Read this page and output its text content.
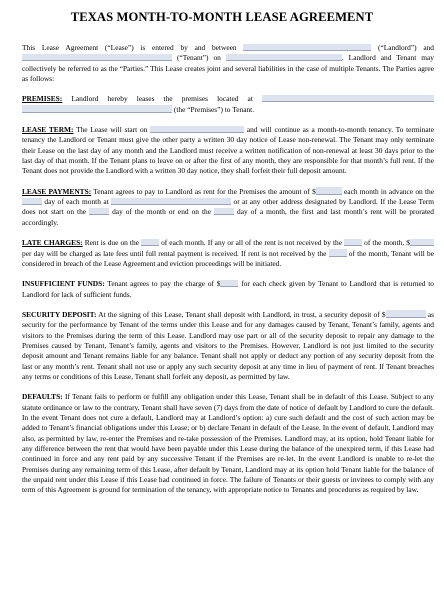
TEXAS MONTH-TO-MONTH LEASE AGREEMENT

This Lease Agreement (“Lease”) is entered by and between	(“Landlord”) and  (“Tenant”) on	. Landlord and Tenant may collectively be referred to as the “Parties.” This Lease creates joint and several liabilities in the case of multiple Tenants. The Parties agree as follows:

PREMISES: Landlord hereby leases the premises located at   (the “Premises”) to Tenant.

LEASE TERM: The Lease will start on	and will continue as a month-to-month tenancy. To terminate tenancy the Landlord or Tenant must give the other party a written 30 day notice of Lease non-renewal. The Tenant may only terminate their Lease on the last day of any month and the Landlord must receive a written notification of non-renewal at least 30 days prior to the last day of that month. If the Tenant plans to leave on or after the first of any month, they are responsible for that month’s full rent. If the Tenant does not provide the Landlord with a written 30 day notice, they shall forfeit their full deposit amount.

LEASE PAYMENTS: Tenant agrees to pay to Landlord as rent for the Premises the amount of $	each month in advance on the  day of each month at	or at any other address designated by Landlord. If the Lease Term does not start on the	day of the month or end on the	day of a month, the first and last month’s rent will be prorated accordingly.

LATE CHARGES: Rent is due on the	of each month. If any or all of the rent is not received by the	of the month, $ per day will be charged as late fees until full rental payment is received. If rent is not received by the	of the month, Tenant will be considered in breach of the Lease Agreement and eviction proceedings will be initiated.

INSUFFICIENT FUNDS: Tenant agrees to pay the charge of $	for each check given by Tenant to Landlord that is returned to Landlord for lack of sufficient funds.

SECURITY DEPOSIT: At the signing of this Lease, Tenant shall deposit with Landlord, in trust, a security deposit of $	as security for the performance by Tenant of the terms under this Lease and for any damages caused by Tenant, Tenant’s family, agents and visitors to the Premises during the term of this Lease. Landlord may use part or all of the security deposit to repair any damage to the Premises caused by Tenant, Tenant’s family, agents and visitors to the Premises. However, Landlord is not just limited to the security deposit amount and Tenant remains liable for any balance. Tenant shall not apply or deduct any portion of any security deposit from the last or any month’s rent. Tenant shall not use or apply any such security deposit at any time in lieu of payment of rent. If Tenant breaches any terms or conditions of this Lease, Tenant shall forfeit any deposit, as permitted by law.

DEFAULTS: If Tenant fails to perform or fulfill any obligation under this Lease, Tenant shall be in default of this Lease. Subject to any statute ordinance or law to the contrary, Tenant shall have seven (7) days from the date of notice of default by Landlord to cure the default. In the event Tenant does not cure a default, Landlord may at Landlord’s option: a) cure such default and the cost of such action may be added to Tenant’s financial obligations under this Lease; or b) declare Tenant in default of the Lease. In the event of default, Landlord may also, as permitted by law, re-enter the Premises and re-take possession of the Premises. Landlord may, at its option, hold Tenant liable for any difference between the rent that would have been payable under this Lease during the balance of the unexpired term, if this Lease had continued in force and any rent paid by any successive Tenant if the Premises are re-let. In the event Landlord is unable to re-let the Premises during any remaining term of this Lease, after default by Tenant, Landlord may at its option hold Tenant liable for the balance of the unpaid rent under this Lease if this Lease had continued in force. The failure of Tenants or their guests or invitees to comply with any term of this Agreement is ground for termination of the tenancy, with appropriate notice to Tenants and procedures as required by law.
